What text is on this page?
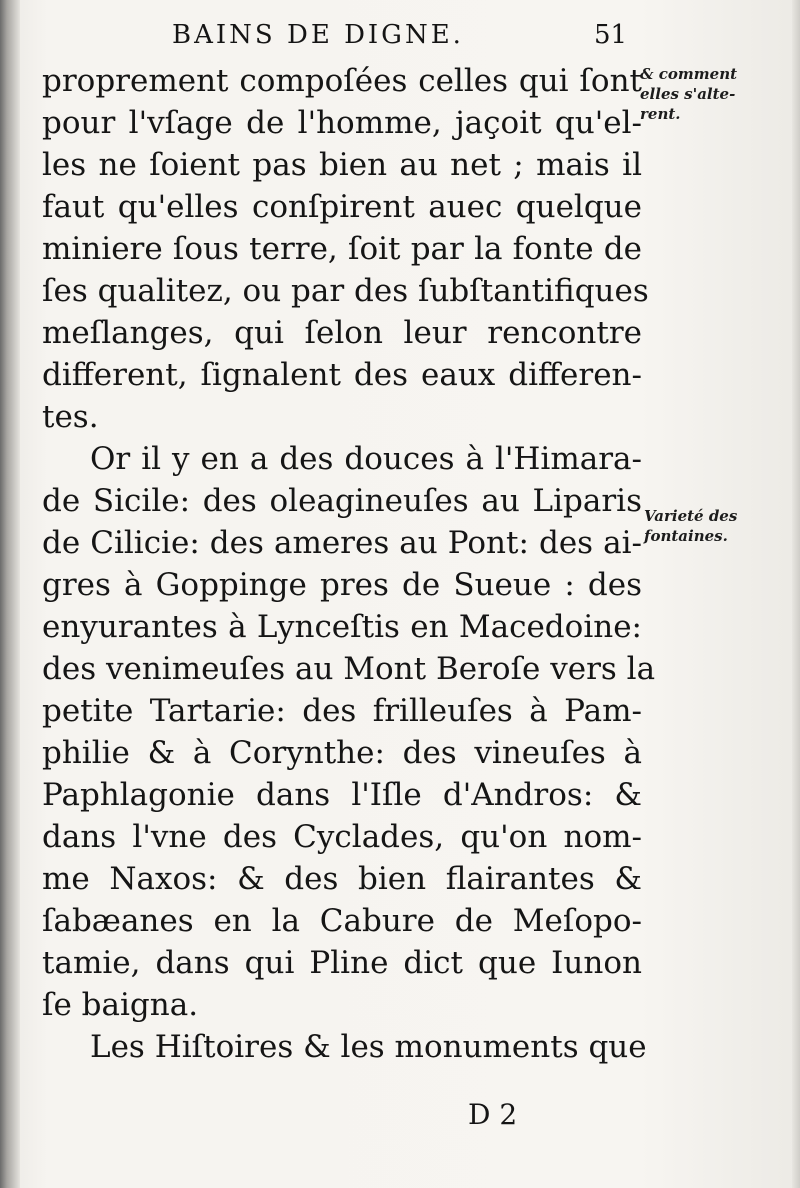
BAINS DE DIGNE.	51
proprement compoſées celles qui ſont
pour l'vſage de l'homme, jaçoit qu'el-
les ne ſoient pas bien au net ; mais il
faut qu'elles conſpirent auec quelque
miniere ſous terre, ſoit par la fonte de
ſes qualitez, ou par des ſubſtantifiques
meſlanges, qui ſelon leur rencontre
different, ſignalent des eaux differen-
tes.
Or il y en a des douces à l'Himara-
de Sicile: des oleagineuſes au Liparis
de Cilicie: des ameres au Pont: des ai-
gres à Goppinge pres de Sueue : des
enyurantes à Lynceſtis en Macedoine:
des venimeuſes au Mont Beroſe vers la
petite Tartarie: des frilleuſes à Pam-
philie & à Corynthe: des vineuſes à
Paphlagonie dans l'Iſle d'Andros: &
dans l'vne des Cyclades, qu'on nom-
me Naxos: & des bien flairantes &
ſabæanes en la Cabure de Meſopo-
tamie, dans qui Pline dict que Iunon
ſe baigna.
Les Hiſtoires & les monuments que
& comment
elles s'alte-
rent.
Varieté des
fontaines.
D 2
